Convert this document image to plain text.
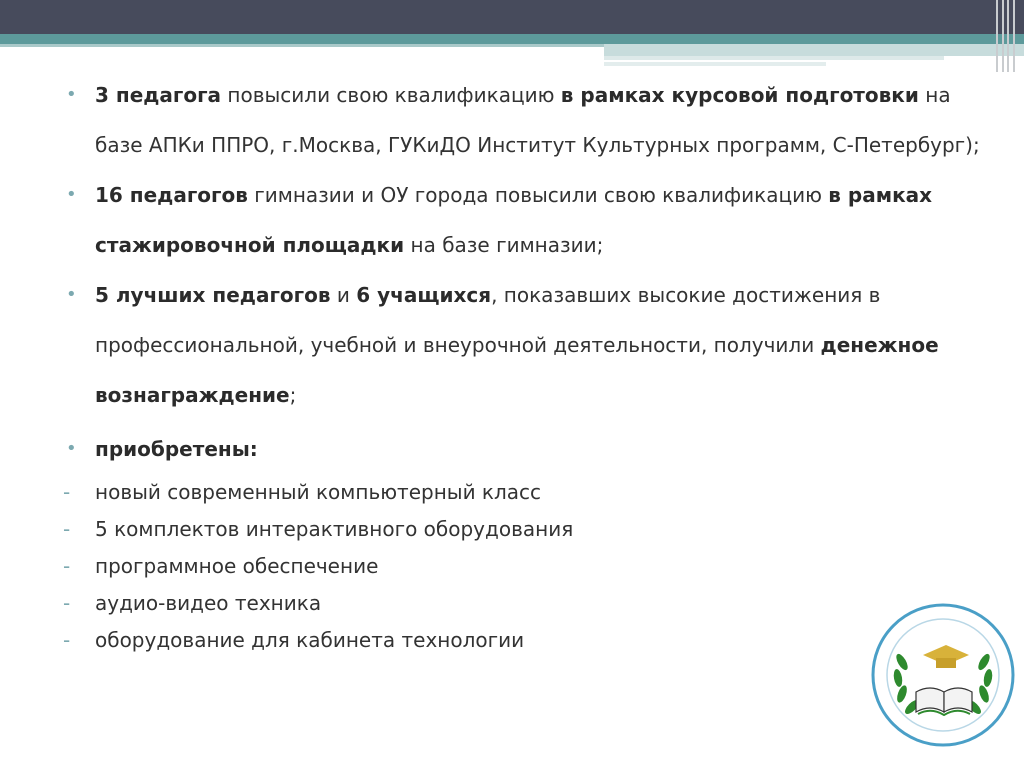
• 3 педагога повысили свою квалификацию в рамках курсовой подготовки на базе АПКи ППРО, г.Москва, ГУКиДО Институт Культурных программ, С-Петербург);
• 16 педагогов гимназии и ОУ города повысили свою квалификацию в рамках стажировочной площадки на базе гимназии;
• 5 лучших педагогов и 6 учащихся, показавших высокие достижения в профессиональной, учебной и внеурочной деятельности, получили денежное вознаграждение;
• приобретены:
- новый современный компьютерный класс
- 5 комплектов интерактивного оборудования
- программное обеспечение
- аудио-видео техника
- оборудование для кабинета технологии
